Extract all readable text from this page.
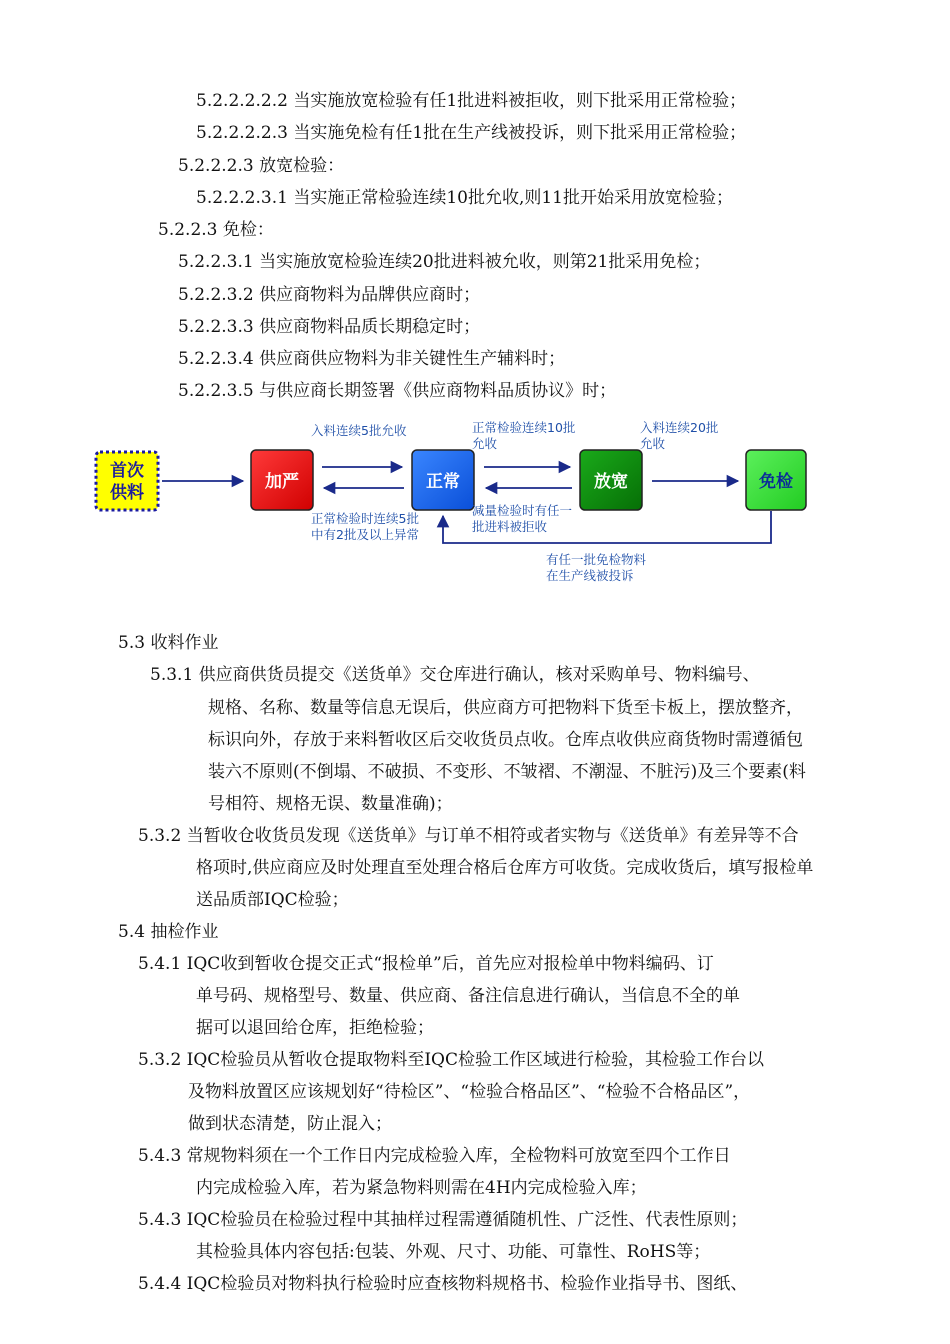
5.2.2.2.2.2 当实施放宽检验有任1批进料被拒收，则下批采用正常检验；
5.2.2.2.2.3 当实施免检有任1批在生产线被投诉，则下批采用正常检验；
5.2.2.2.3 放宽检验：
5.2.2.2.3.1 当实施正常检验连续10批允收,则11批开始采用放宽检验；
5.2.2.3 免检：
5.2.2.3.1 当实施放宽检验连续20批进料被允收，则第21批采用免检；
5.2.2.3.2 供应商物料为品牌供应商时；
5.2.2.3.3 供应商物料品质长期稳定时；
5.2.2.3.4 供应商供应物料为非关键性生产辅料时；
5.2.2.3.5 与供应商长期签署《供应商物料品质协议》时；
首次
供料
加严
入料连续5批允收
正常检验时连续5批
中有2批及以上异常
正常
正常检验连续10批
允收
减量检验时有任一
批进料被拒收
放宽
入料连续20批
允收
免检
有任一批免检物料
在生产线被投诉
5.3 收料作业
5.3.1 供应商供货员提交《送货单》交仓库进行确认，核对采购单号、物料编号、
规格、名称、数量等信息无误后，供应商方可把物料下货至卡板上，摆放整齐，
标识向外，存放于来料暂收区后交收货员点收。仓库点收供应商货物时需遵循包
装六不原则(不倒塌、不破损、不变形、不皱褶、不潮湿、不脏污)及三个要素(料
号相符、规格无误、数量准确)；
5.3.2 当暂收仓收货员发现《送货单》与订单不相符或者实物与《送货单》有差异等不合
格项时,供应商应及时处理直至处理合格后仓库方可收货。完成收货后，填写报检单
送品质部IQC检验；
5.4 抽检作业
5.4.1 IQC收到暂收仓提交正式“报检单”后，首先应对报检单中物料编码、订
单号码、规格型号、数量、供应商、备注信息进行确认，当信息不全的单
据可以退回给仓库，拒绝检验；
5.3.2 IQC检验员从暂收仓提取物料至IQC检验工作区域进行检验，其检验工作台以
及物料放置区应该规划好“待检区”、“检验合格品区”、“检验不合格品区”，
做到状态清楚，防止混入；
5.4.3 常规物料须在一个工作日内完成检验入库，全检物料可放宽至四个工作日
内完成检验入库，若为紧急物料则需在4H内完成检验入库；
5.4.3 IQC检验员在检验过程中其抽样过程需遵循随机性、广泛性、代表性原则；
其检验具体内容包括:包装、外观、尺寸、功能、可靠性、RoHS等；
5.4.4 IQC检验员对物料执行检验时应查核物料规格书、检验作业指导书、图纸、
